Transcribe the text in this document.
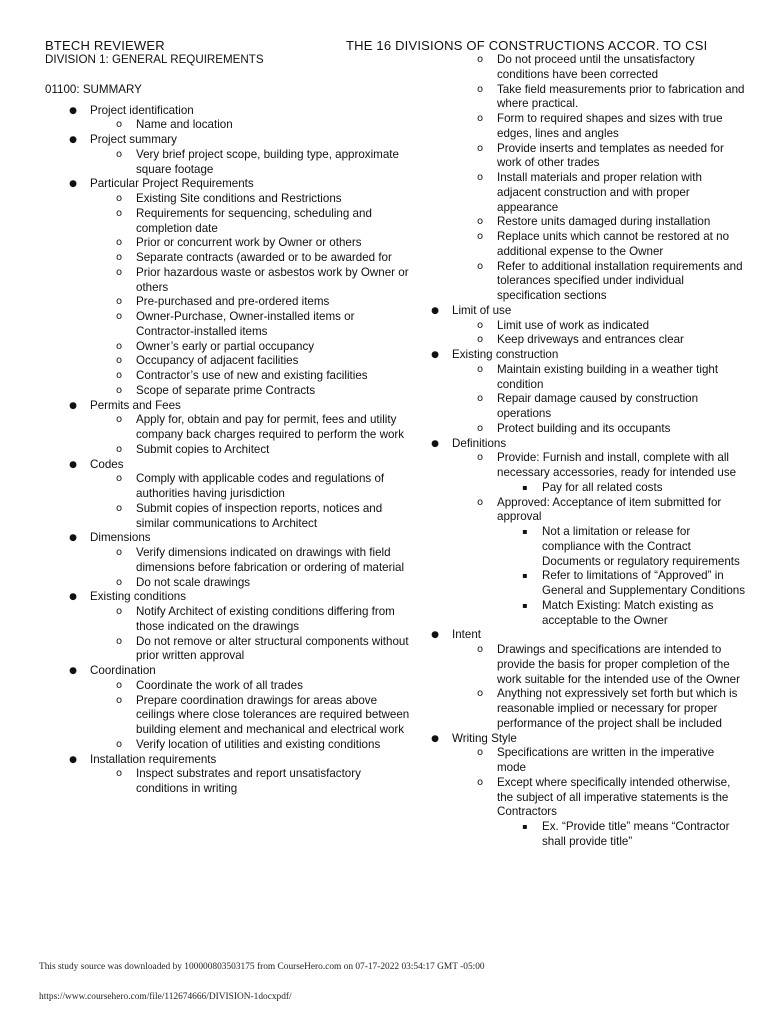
BTECH REVIEWER	THE 16 DIVISIONS OF CONSTRUCTIONS ACCOR. TO CSI
DIVISION 1: GENERAL REQUIREMENTS
01100: SUMMARY
●	Project identification
o	Name and location
●	Project summary
o	Very brief project scope, building type, approximate square footage
●	Particular Project Requirements
o	Existing Site conditions and Restrictions
o	Requirements for sequencing, scheduling and completion date
o	Prior or concurrent work by Owner or others
o	Separate contracts (awarded or to be awarded for
o	Prior hazardous waste or asbestos work by Owner or others
o	Pre-purchased and pre-ordered items
o	Owner-Purchase, Owner-installed items or Contractor-installed items
o	Owner’s early or partial occupancy
o	Occupancy of adjacent facilities
o	Contractor’s use of new and existing facilities
o	Scope of separate prime Contracts
●	Permits and Fees
o	Apply for, obtain and pay for permit, fees and utility company back charges required to perform the work
o	Submit copies to Architect
●	Codes
o	Comply with applicable codes and regulations of authorities having jurisdiction
o	Submit copies of inspection reports, notices and similar communications to Architect
●	Dimensions
o	Verify dimensions indicated on drawings with field dimensions before fabrication or ordering of material
o	Do not scale drawings
●	Existing conditions
o	Notify Architect of existing conditions differing from those indicated on the drawings
o	Do not remove or alter structural components without prior written approval
●	Coordination
o	Coordinate the work of all trades
o	Prepare coordination drawings for areas above ceilings where close tolerances are required between building element and mechanical and electrical work
o	Verify location of utilities and existing conditions
●	Installation requirements
o	Inspect substrates and report unsatisfactory conditions in writing
o	Do not proceed until the unsatisfactory conditions have been corrected
o	Take field measurements prior to fabrication and where practical.
o	Form to required shapes and sizes with true edges, lines and angles
o	Provide inserts and templates as needed for work of other trades
o	Install materials and proper relation with adjacent construction and with proper appearance
o	Restore units damaged during installation
o	Replace units which cannot be restored at no additional expense to the Owner
o	Refer to additional installation requirements and tolerances specified under individual specification sections
●	Limit of use
o	Limit use of work as indicated
o	Keep driveways and entrances clear
●	Existing construction
o	Maintain existing building in a weather tight condition
o	Repair damage caused by construction operations
o	Protect building and its occupants
●	Definitions
o	Provide: Furnish and install, complete with all necessary accessories, ready for intended use
▪	Pay for all related costs
o	Approved: Acceptance of item submitted for approval
▪	Not a limitation or release for compliance with the Contract Documents or regulatory requirements
▪	Refer to limitations of “Approved” in General and Supplementary Conditions
▪	Match Existing: Match existing as acceptable to the Owner
●	Intent
o	Drawings and specifications are intended to provide the basis for proper completion of the work suitable for the intended use of the Owner
o	Anything not expressively set forth but which is reasonable implied or necessary for proper performance of the project shall be included
●	Writing Style
o	Specifications are written in the imperative mode
o	Except where specifically intended otherwise, the subject of all imperative statements is the Contractors
▪	Ex. “Provide title” means “Contractor shall provide title”
This study source was downloaded by 100000803503175 from CourseHero.com on 07-17-2022 03:54:17 GMT -05:00
https://www.coursehero.com/file/112674666/DIVISION-1docxpdf/
